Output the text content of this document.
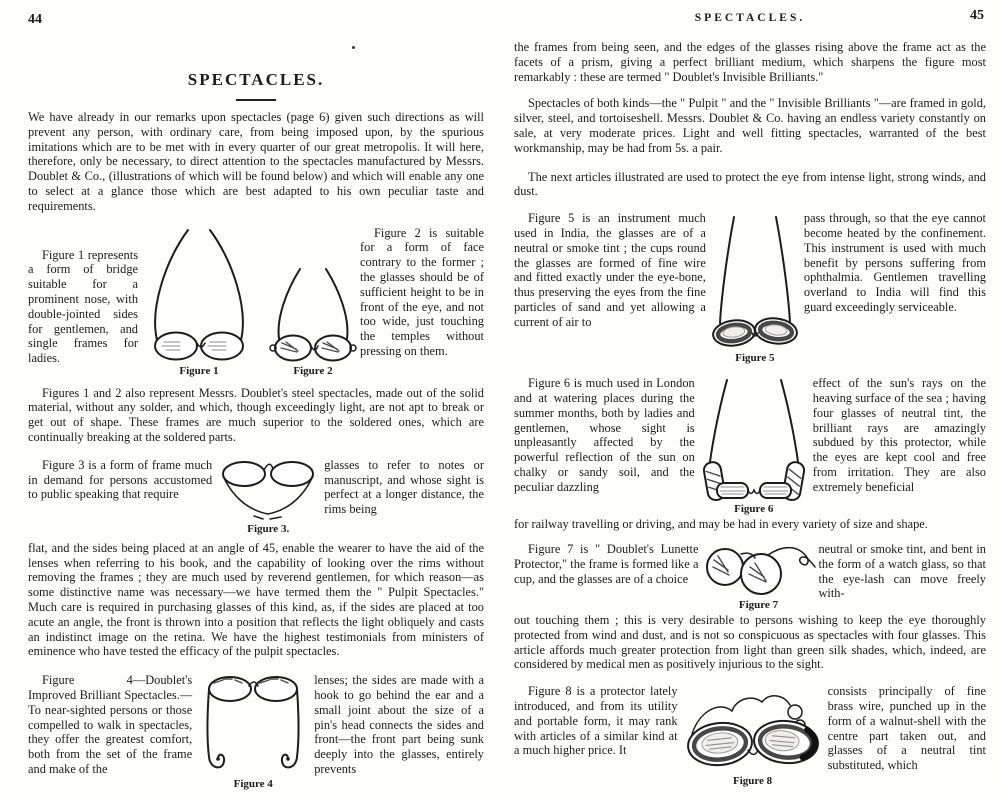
44
SPECTACLES.

We have already in our remarks upon spectacles (page 6) given such directions as will prevent any person, with ordinary care, from being imposed upon, by the spurious imitations which are to be met with in every quarter of our great metropolis. It will here, therefore, only be necessary, to direct attention to the spectacles manufactured by Messrs. Doublet & Co., (illustrations of which will be found below) and which will enable any one to select at a glance those which are best adapted to his own peculiar taste and requirements.

Figure 1 represents a form of bridge suitable for a prominent nose, with double-jointed sides for gentlemen, and single frames for ladies.
Figure 1	Figure 2
Figure 2 is suitable for a form of face contrary to the former ; the glasses should be of sufficient height to be in front of the eye, and not too wide, just touching the temples without pressing on them.

Figures 1 and 2 also represent Messrs. Doublet's steel spectacles, made out of the solid material, without any solder, and which, though exceedingly light, are not apt to break or get out of shape. These frames are much superior to the soldered ones, which are continually breaking at the soldered parts.

Figure 3 is a form of frame much in demand for persons accustomed to public speaking that require
Figure 3.
glasses to refer to notes or manuscript, and whose sight is perfect at a longer distance, the rims being

flat, and the sides being placed at an angle of 45, enable the wearer to have the aid of the lenses when referring to his book, and the capability of looking over the rims without removing the frames ; they are much used by reverend gentlemen, for which reason—as some distinctive name was necessary—we have termed them the " Pulpit Spectacles." Much care is required in purchasing glasses of this kind, as, if the sides are placed at too acute an angle, the front is thrown into a position that reflects the light obliquely and casts an indistinct image on the retina. We have the highest testimonials from ministers of eminence who have tested the efficacy of the pulpit spectacles.

Figure 4—Doublet's Improved Brilliant Spectacles.—To near-sighted persons or those compelled to walk in spectacles, they offer the greatest comfort, both from the set of the frame and make of the
Figure 4
lenses; the sides are made with a hook to go behind the ear and a small joint about the size of a pin's head connects the sides and front—the front part being sunk deeply into the glasses, entirely prevents
SPECTACLES.	45

the frames from being seen, and the edges of the glasses rising above the frame act as the facets of a prism, giving a perfect brilliant medium, which sharpens the figure most remarkably : these are termed " Doublet's Invisible Brilliants."

Spectacles of both kinds—the " Pulpit " and the " Invisible Brilliants "—are framed in gold, silver, steel, and tortoiseshell. Messrs. Doublet & Co. having an endless variety constantly on sale, at very moderate prices. Light and well fitting spectacles, warranted of the best workmanship, may be had from 5s. a pair.

The next articles illustrated are used to protect the eye from intense light, strong winds, and dust.

Figure 5 is an instrument much used in India, the glasses are of a neutral or smoke tint ; the cups round the glasses are formed of fine wire and fitted exactly under the eye-bone, thus preserving the eyes from the fine particles of sand and yet allowing a current of air to
Figure 5
pass through, so that the eye cannot become heated by the confinement. This instrument is used with much benefit by persons suffering from ophthalmia. Gentlemen travelling overland to India will find this guard exceedingly serviceable.
Figure 6 is much used in London and at watering places during the summer months, both by ladies and gentlemen, whose sight is unpleasantly affected by the powerful reflection of the sun on chalky or sandy soil, and the peculiar dazzling
Figure 6
effect of the sun's rays on the heaving surface of the sea ; having four glasses of neutral tint, the brilliant rays are amazingly subdued by this protector, while the eyes are kept cool and free from irritation. They are also extremely beneficial

for railway travelling or driving, and may be had in every variety of size and shape.

Figure 7 is " Doublet's Lunette Protector," the frame is formed like a cup, and the glasses are of a choice
Figure 7
neutral or smoke tint, and bent in the form of a watch glass, so that the eye-lash can move freely with-

out touching them ; this is very desirable to persons wishing to keep the eye thoroughly protected from wind and dust, and is not so conspicuous as spectacles with four glasses. This article affords much greater protection from light than green silk shades, which, indeed, are considered by medical men as positively injurious to the sight.

Figure 8 is a protector lately introduced, and from its utility and portable form, it may rank with articles of a similar kind at a much higher price. It
Figure 8
consists principally of fine brass wire, punched up in the form of a walnut-shell with the centre part taken out, and glasses of a neutral tint substituted, which
